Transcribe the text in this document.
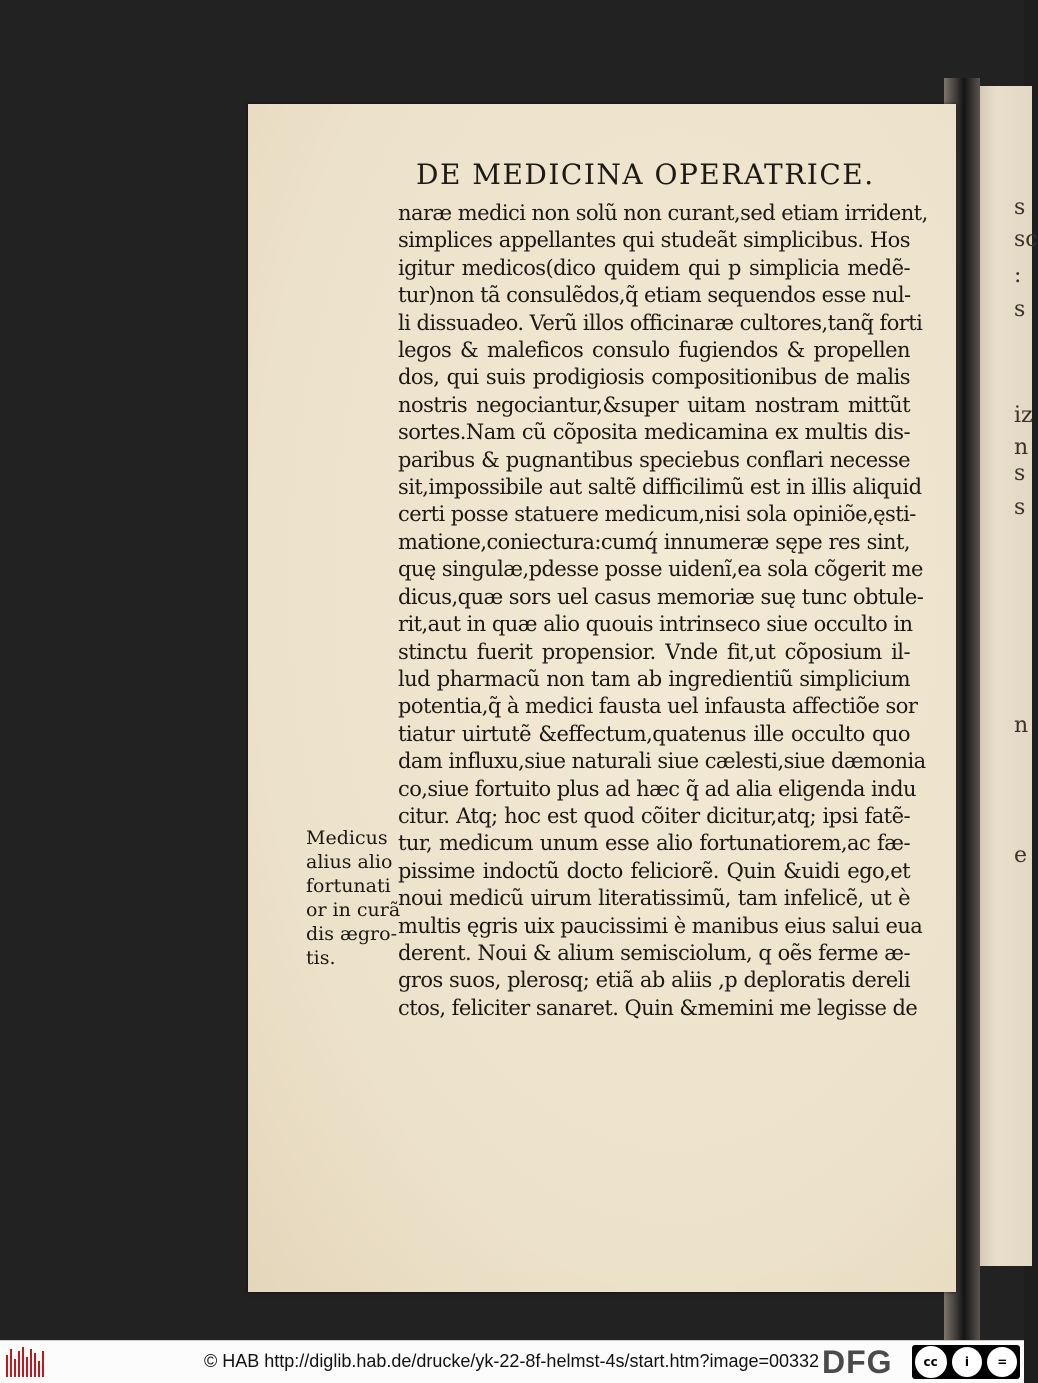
s
sc
:
s
iz
n
s
s
n
e
DE MEDICINA OPERATRICE.
naræ medici non solũ non curant,sed etiam irrident,
simplices appellantes qui studeãt simplicibus. Hos
igitur medicos(dico quidem qui p simplicia medẽ-
tur)non tã consulẽdos,q̃ etiam sequendos esse nul-
li dissuadeo. Verũ illos officinaræ cultores,tanq̃ forti
legos & maleficos consulo fugiendos & propellen
dos, qui suis prodigiosis compositionibus de malis
nostris negociantur,&super uitam nostram mittũt
sortes.Nam cũ cõposita medicamina ex multis dis-
paribus & pugnantibus speciebus conflari necesse
sit,impossibile aut saltẽ difficilimũ est in illis aliquid
certi posse statuere medicum,nisi sola opiniõe,ęsti-
matione,coniectura:cumq́ innumeræ sępe res sint,
quę singulæ,pdesse posse uidenĩ,ea sola cõgerit me
dicus,quæ sors uel casus memoriæ suę tunc obtule-
rit,aut in quæ alio quouis intrinseco siue occulto in
stinctu fuerit propensior. Vnde fit,ut cõposium il-
lud pharmacũ non tam ab ingredientiũ simplicium
potentia,q̃ à medici fausta uel infausta affectiõe sor
tiatur uirtutẽ &effectum,quatenus ille occulto quo
dam influxu,siue naturali siue cælesti,siue dæmonia
co,siue fortuito plus ad hæc q̃ ad alia eligenda indu
citur. Atq; hoc est quod cõiter dicitur,atq; ipsi fatẽ-
tur, medicum unum esse alio fortunatiorem,ac fæ-
pissime indoctũ docto feliciorẽ. Quin &uidi ego,et
noui medicũ uirum literatissimũ, tam infelicẽ, ut è
multis ęgris uix paucissimi è manibus eius salui eua
derent. Noui & alium semisciolum, q oẽs ferme æ-
gros suos, plerosq; etiã ab aliis ,p deploratis dereli
ctos, feliciter sanaret. Quin &memini me legisse de
Medicus
alius alio
fortunati
or in curã
dis ægro-
tis.
© HAB http://diglib.hab.de/drucke/yk-22-8f-helmst-4s/start.htm?image=00332 DFG	cc	i	=
